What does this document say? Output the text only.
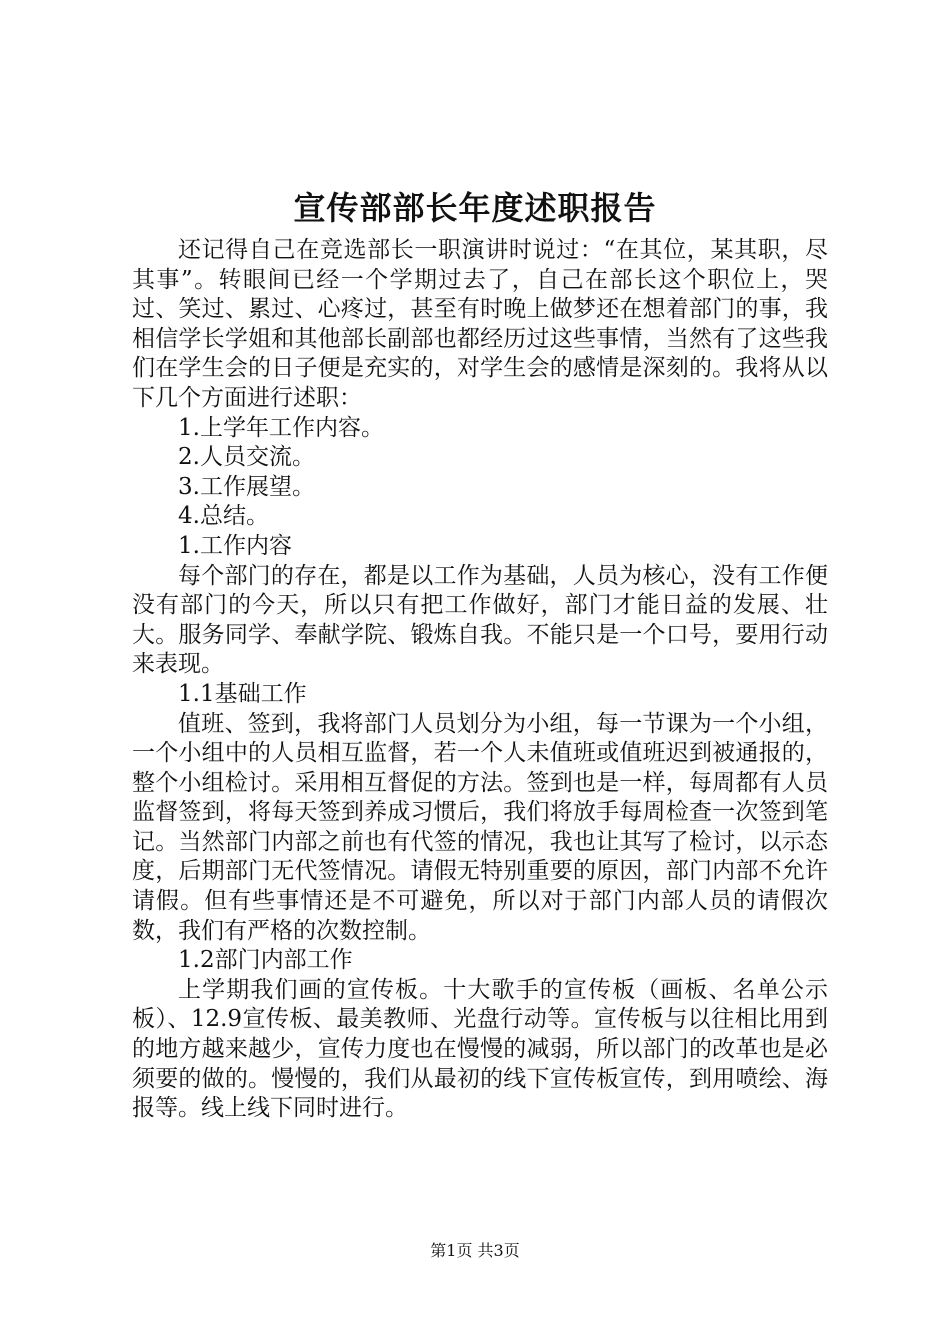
宣传部部长年度述职报告

还记得自己在竞选部长一职演讲时说过：“在其位，某其职，尽其事”。转眼间已经一个学期过去了，自己在部长这个职位上，哭过、笑过、累过、心疼过，甚至有时晚上做梦还在想着部门的事，我相信学长学姐和其他部长副部也都经历过这些事情，当然有了这些我们在学生会的日子便是充实的，对学生会的感情是深刻的。我将从以下几个方面进行述职：

1.上学年工作内容。

2.人员交流。

3.工作展望。

4.总结。

1.工作内容

每个部门的存在，都是以工作为基础，人员为核心，没有工作便没有部门的今天，所以只有把工作做好，部门才能日益的发展、壮大。服务同学、奉献学院、锻炼自我。不能只是一个口号，要用行动来表现。

1.1基础工作

值班、签到，我将部门人员划分为小组，每一节课为一个小组，一个小组中的人员相互监督，若一个人未值班或值班迟到被通报的，整个小组检讨。采用相互督促的方法。签到也是一样，每周都有人员监督签到，将每天签到养成习惯后，我们将放手每周检查一次签到笔记。当然部门内部之前也有代签的情况，我也让其写了检讨，以示态度，后期部门无代签情况。请假无特别重要的原因，部门内部不允许请假。但有些事情还是不可避免，所以对于部门内部人员的请假次数，我们有严格的次数控制。

1.2部门内部工作

上学期我们画的宣传板。十大歌手的宣传板（画板、名单公示板）、12.9宣传板、最美教师、光盘行动等。宣传板与以往相比用到的地方越来越少，宣传力度也在慢慢的减弱，所以部门的改革也是必须要的做的。慢慢的，我们从最初的线下宣传板宣传，到用喷绘、海报等。线上线下同时进行。

第1页 共3页
